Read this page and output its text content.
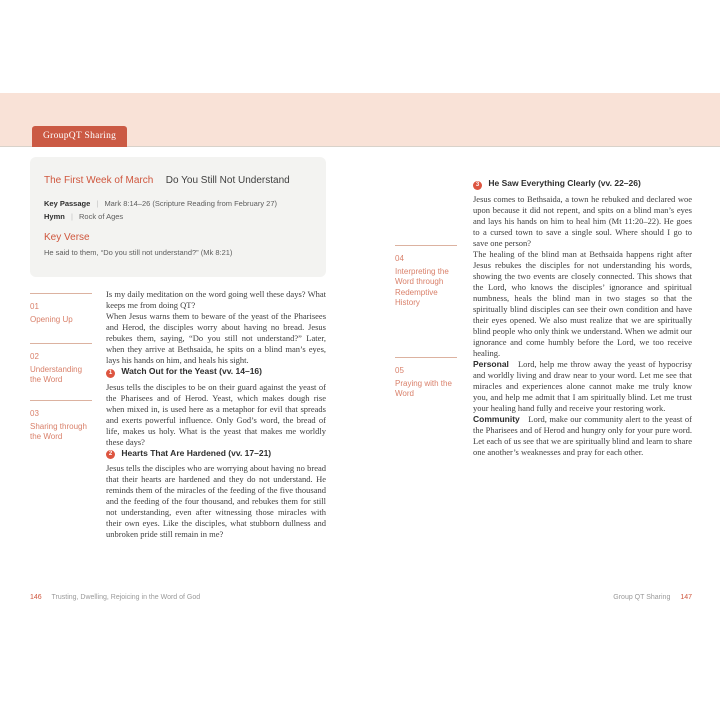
GroupQT Sharing
The First Week of March Do You Still Not Understand
Key Passage | Mark 8:14–26 (Scripture Reading from February 27)
Hymn | Rock of Ages
Key Verse
He said to them, “Do you still not understand?” (Mk 8:21)
01
Opening Up
02
Understanding the Word
03
Sharing through the Word
04
Interpreting the Word through Redemptive History
05
Praying with the Word

Is my daily meditation on the word going well these days? What keeps me from doing QT?

When Jesus warns them to beware of the yeast of the Pharisees and Herod, the disciples worry about having no bread. Jesus rebukes them, saying, “Do you still not understand?” Later, when they arrive at Bethsaida, he spits on a blind man’s eyes, lays his hands on him, and heals his sight.

1 Watch Out for the Yeast (vv. 14–16)

Jesus tells the disciples to be on their guard against the yeast of the Pharisees and of Herod. Yeast, which makes dough rise when mixed in, is used here as a metaphor for evil that spreads and exerts powerful influence. Only God’s word, the bread of life, makes us holy. What is the yeast that makes me worldly these days?

2 Hearts That Are Hardened (vv. 17–21)

Jesus tells the disciples who are worrying about having no bread that their hearts are hardened and they do not understand. He reminds them of the miracles of the feeding of the five thousand and the feeding of the four thousand, and rebukes them for still not understanding, even after witnessing those miracles with their own eyes. Like the disciples, what stubborn dullness and unbroken pride still remain in me?

3 He Saw Everything Clearly (vv. 22–26)

Jesus comes to Bethsaida, a town he rebuked and declared woe upon because it did not repent, and spits on a blind man’s eyes and lays his hands on him to heal him (Mt 11:20–22). He goes to a cursed town to save a single soul. Where should I go to save one person?

The healing of the blind man at Bethsaida happens right after Jesus rebukes the disciples for not understanding his words, showing the two events are closely connected. This shows that the Lord, who knows the disciples’ ignorance and spiritual numbness, heals the blind man in two stages so that the spiritually blind disciples can see their own condition and have their eyes opened. We also must realize that we are spiritually blind people who only think we understand. When we admit our ignorance and come humbly before the Lord, we too receive healing.

Personal Lord, help me throw away the yeast of hypocrisy and worldly living and draw near to your word. Let me see that miracles and experiences alone cannot make me truly know you, and help me admit that I am spiritually blind. Let me trust your healing hand fully and receive your restoring work.

Community Lord, make our community alert to the yeast of the Pharisees and of Herod and hungry only for your pure word. Let each of us see that we are spiritually blind and learn to share one another’s weaknesses and pray for each other.

146 Trusting, Dwelling, Rejoicing in the Word of God	Group QT Sharing 147
